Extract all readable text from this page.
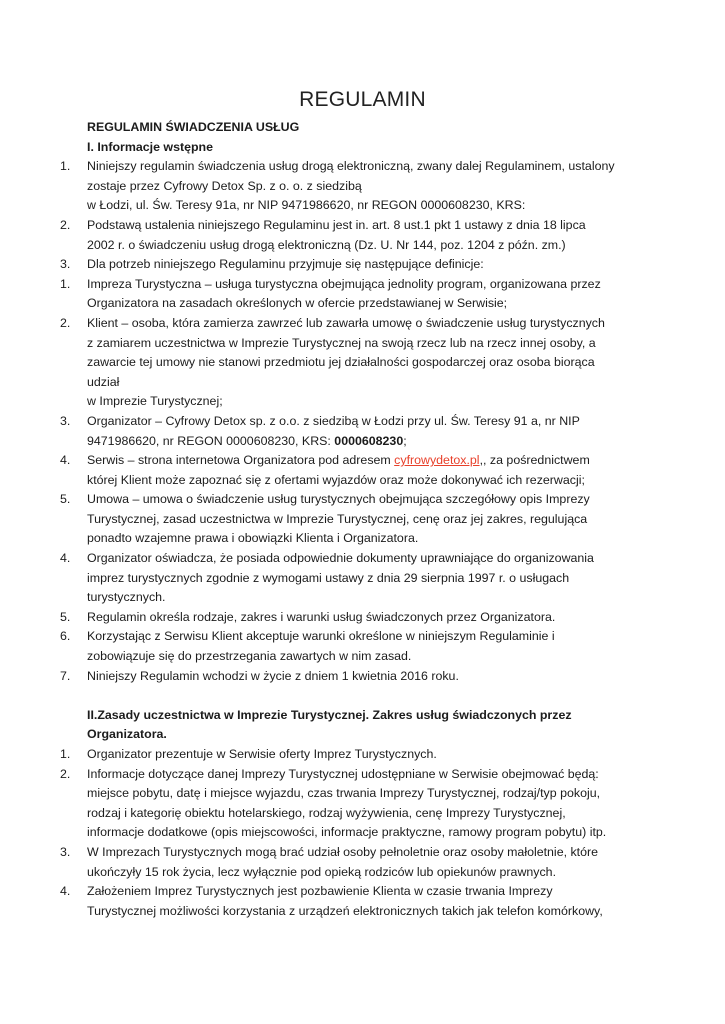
REGULAMIN
REGULAMIN ŚWIADCZENIA USŁUG
I. Informacje wstępne
1.	Niniejszy regulamin świadczenia usług drogą elektroniczną, zwany dalej Regulaminem, ustalony
zostaje przez Cyfrowy Detox Sp. z o. o. z siedzibą
w Łodzi, ul. Św. Teresy 91a, nr NIP 9471986620, nr REGON 0000608230, KRS:
2.	Podstawą ustalenia niniejszego Regulaminu jest in. art. 8 ust.1 pkt 1 ustawy z dnia 18 lipca
2002 r. o świadczeniu usług drogą elektroniczną (Dz. U. Nr 144, poz. 1204 z późn. zm.)
3.	Dla potrzeb niniejszego Regulaminu przyjmuje się następujące definicje:
1.	Impreza Turystyczna – usługa turystyczna obejmująca jednolity program, organizowana przez
Organizatora na zasadach określonych w ofercie przedstawianej w Serwisie;
2.	Klient – osoba, która zamierza zawrzeć lub zawarła umowę o świadczenie usług turystycznych
z zamiarem uczestnictwa w Imprezie Turystycznej na swoją rzecz lub na rzecz innej osoby, a
zawarcie tej umowy nie stanowi przedmiotu jej działalności gospodarczej oraz osoba biorąca
udział
w Imprezie Turystycznej;
3.	Organizator – Cyfrowy Detox sp. z o.o. z siedzibą w Łodzi przy ul. Św. Teresy 91 a, nr NIP
9471986620, nr REGON 0000608230, KRS: 0000608230;
4.	Serwis – strona internetowa Organizatora pod adresem cyfrowydetox.pl,, za pośrednictwem
której Klient może zapoznać się z ofertami wyjazdów oraz może dokonywać ich rezerwacji;
5.	Umowa – umowa o świadczenie usług turystycznych obejmująca szczegółowy opis Imprezy
Turystycznej, zasad uczestnictwa w Imprezie Turystycznej, cenę oraz jej zakres, regulująca
ponadto wzajemne prawa i obowiązki Klienta i Organizatora.
4.	Organizator oświadcza, że posiada odpowiednie dokumenty uprawniające do organizowania
imprez turystycznych zgodnie z wymogami ustawy z dnia 29 sierpnia 1997 r. o usługach
turystycznych.
5.	Regulamin określa rodzaje, zakres i warunki usług świadczonych przez Organizatora.
6.	Korzystając z Serwisu Klient akceptuje warunki określone w niniejszym Regulaminie i
zobowiązuje się do przestrzegania zawartych w nim zasad.
7.	Niniejszy Regulamin wchodzi w życie z dniem 1 kwietnia 2016 roku.
II.Zasady uczestnictwa w Imprezie Turystycznej. Zakres usług świadczonych przez
Organizatora.
1.	Organizator prezentuje w Serwisie oferty Imprez Turystycznych.
2.	Informacje dotyczące danej Imprezy Turystycznej udostępniane w Serwisie obejmować będą:
miejsce pobytu, datę i miejsce wyjazdu, czas trwania Imprezy Turystycznej, rodzaj/typ pokoju,
rodzaj i kategorię obiektu hotelarskiego, rodzaj wyżywienia, cenę Imprezy Turystycznej,
informacje dodatkowe (opis miejscowości, informacje praktyczne, ramowy program pobytu) itp.
3.	W Imprezach Turystycznych mogą brać udział osoby pełnoletnie oraz osoby małoletnie, które
ukończyły 15 rok życia, lecz wyłącznie pod opieką rodziców lub opiekunów prawnych.
4.	Założeniem Imprez Turystycznych jest pozbawienie Klienta w czasie trwania Imprezy
Turystycznej możliwości korzystania z urządzeń elektronicznych takich jak telefon komórkowy,
